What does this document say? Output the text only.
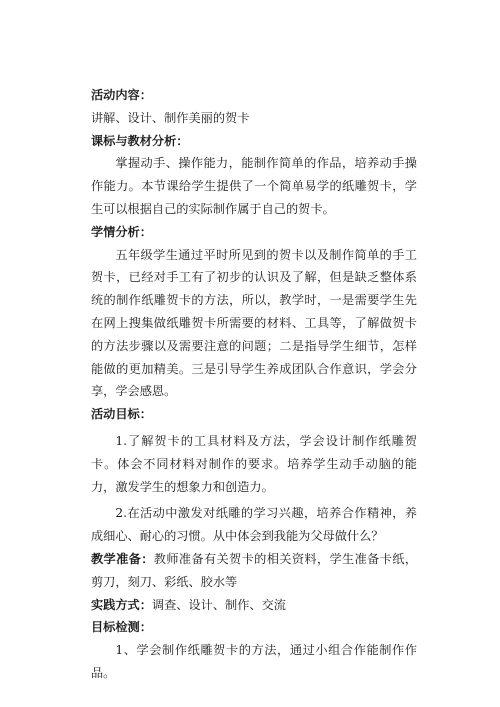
活动内容：

讲解、设计、制作美丽的贺卡

课标与教材分析：

掌握动手、操作能力，能制作简单的作品，培养动手操作能力。本节课给学生提供了一个简单易学的纸雕贺卡，学生可以根据自己的实际制作属于自己的贺卡。

学情分析：

五年级学生通过平时所见到的贺卡以及制作简单的手工贺卡，已经对手工有了初步的认识及了解，但是缺乏整体系统的制作纸雕贺卡的方法，所以，教学时，一是需要学生先在网上搜集做纸雕贺卡所需要的材料、工具等，了解做贺卡的方法步骤以及需要注意的问题；二是指导学生细节，怎样能做的更加精美。三是引导学生养成团队合作意识，学会分享，学会感恩。

活动目标：

1.了解贺卡的工具材料及方法，学会设计制作纸雕贺卡。体会不同材料对制作的要求。培养学生动手动脑的能力，激发学生的想象力和创造力。

2.在活动中激发对纸雕的学习兴趣，培养合作精神，养成细心、耐心的习惯。从中体会到我能为父母做什么？

教学准备：教师准备有关贺卡的相关资料，学生准备卡纸，剪刀，刻刀、彩纸、胶水等

实践方式：调查、设计、制作、交流

目标检测：

1、学会制作纸雕贺卡的方法，通过小组合作能制作作品。
